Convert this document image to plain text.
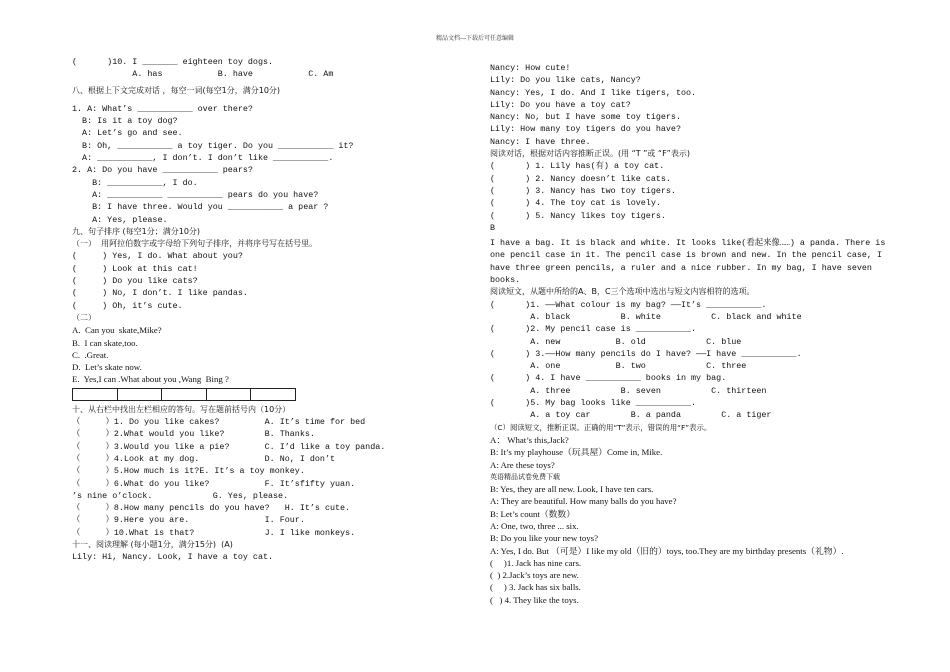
精品文档---下载后可任意编辑
(      )10. I _______ eighteen toy dogs.
A. has           B. have           C. Am
八、根据上下文完成对话 ，每空一词(每空1分，满分10分)
1. A: What’s ___________ over there?
B: Is it a toy dog?
A: Let’s go and see.
B: Oh, ___________ a toy tiger. Do you ___________ it?
A: ___________, I don’t. I don’t like ___________.
2. A: Do you have ___________ pears?
B: ___________, I do.
A: ___________ ___________ pears do you have?
B: I have three. Would you ___________ a pear ?
A: Yes, please.
九、句子排序 (每空1分；满分10分)
（一）  用阿拉伯数字或字母给下列句子排序，并将序号写在括号里。
(     ) Yes, I do. What about you?
(     ) Look at this cat!
(     ) Do you like cats?
(     ) No, I don’t. I like pandas.
(     ) Oh, it’s cute.
（二）
A.  Can you  skate,Mike?
B.  I can skate,too.
C.  .Great.
D.  Let’s skate now.
E.  Yes,I can .What about you ,Wang  Bing ?
十、从右栏中找出左栏相应的答句。写在题前括号内（10分）
（     ）1. Do you like cakes?         A. It’s time for bed
（     ）2.What would you like?        B. Thanks.
（     ）3.Would you like a pie?       C. I’d like a toy panda.
（     ）4.Look at my dog.             D. No, I don’t
（     ）5.How much is it?E. It’s a toy monkey.
（     ）6.What do you like?           F. It’sfifty yuan.
’s nine o’clock.            G. Yes, please.
（     ）8.How many pencils do you have?   H. It’s cute.
（     ）9.Here you are.               I. Four.
（     ）10.What is that?              J. I like monkeys.
十一、阅读理解 (每小题1分，满分15分)  (A)
Lily: Hi, Nancy. Look, I have a toy cat.
Nancy: How cute!
Lily: Do you like cats, Nancy?
Nancy: Yes, I do. And I like tigers, too.
Lily: Do you have a toy cat?
Nancy: No, but I have some toy tigers.
Lily: How many toy tigers do you have?
Nancy: I have three.
阅读对话，根据对话内容推断正误。(用 “T ”或 “F”表示)
(      ) 1. Lily has(有) a toy cat.
(      ) 2. Nancy doesn’t like cats.
(      ) 3. Nancy has two toy tigers.
(      ) 4. The toy cat is lovely.
(      ) 5. Nancy likes toy tigers.
B
I have a bag. It is black and white. It looks like(看起来像……) a panda. There is one pencil case in it. The pencil case is brown and new. In the pencil case, I have three green pencils, a ruler and a nice rubber. In my bag, I have seven books.
阅读短文，从题中所给的A、B，C三个选项中选出与短文内容相符的选项。
(      )1. ——What colour is my bag? ——It’s ___________.
A. black          B. white          C. black and white
(      )2. My pencil case is ___________.
A. new           B. old            C. blue
(      ) 3.——How many pencils do I have? ——I have ___________.
A. one           B. two            C. three
(      ) 4. I have ___________ books in my bag.
A. three          B. seven          C. thirteen
(      )5. My bag looks like ___________.
A. a toy car        B. a panda        C. a tiger
（C）阅读短文，推断正误。正确的用“T”表示，错误的用“F”表示。
A： What’s this,Jack?
B: It’s my playhouse（玩具屋）Come in, Mike.
A: Are these toys?
英语精品试卷免费下载
B: Yes, they are all new. Look, I have ten cars.
A: They are beautiful. How many balls do you have?
B: Let’s count（数数）
A: One, two, three ... six.
B: Do you like your new toys?
A: Yes, I do. But （可是）I like my old（旧的）toys, too.They are my birthday presents（礼物）.
(     )1. Jack has nine cars.
(  ) 2.Jack’s toys are new.
(     ) 3. Jack has six balls.
(   ) 4. They like the toys.
